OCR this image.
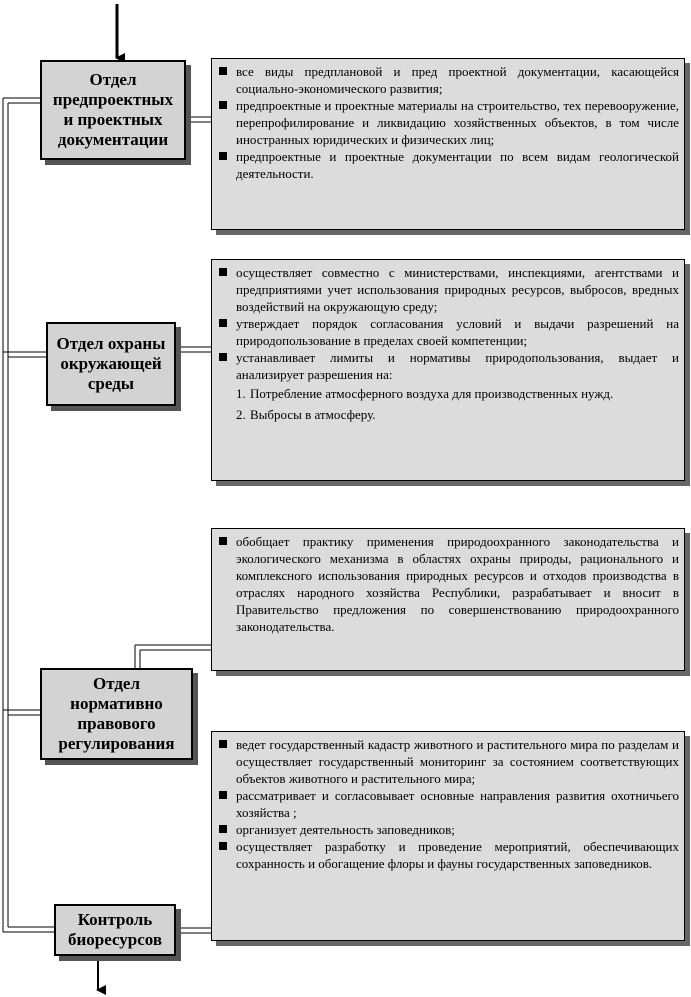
Отдел предпроектных и проектных документации
все виды предплановой и пред проектной документации, касающейся социально-экономического развития;
предпроектные и проектные материалы на строительство, тех перевооружение, перепрофилирование и ликвидацию хозяйственных объектов, в том числе иностранных юридических и физических лиц;
предпроектные и проектные документации по всем видам геологической деятельности.
Отдел охраны окружающей среды
осуществляет совместно с министерствами, инспекциями, агентствами и предприятиями учет использования природных ресурсов, выбросов, вредных воздействий на окружающую среду;
утверждает порядок согласования условий и выдачи разрешений на природопользование в пределах своей компетенции;
устанавливает лимиты и нормативы природопользования, выдает и анализирует разрешения на:
1. Потребление атмосферного воздуха для производственных нужд.
2. Выбросы в атмосферу.
Отдел нормативно правового регулирования
обобщает практику применения природоохранного законодательства и экологического механизма в областях охраны природы, рационального и комплексного использования природных ресурсов и отходов производства в отраслях народного хозяйства Республики, разрабатывает и вносит в Правительство предложения по совершенствованию природоохранного законодательства.
Контроль биоресурсов
ведет государственный кадастр животного и растительного мира по разделам и осуществляет государственный мониторинг за состоянием соответствующих объектов животного и растительного мира;
рассматривает и согласовывает основные направления развития охотничьего хозяйства ;
организует деятельность заповедников;
осуществляет разработку и проведение мероприятий, обеспечивающих сохранность и обогащение флоры и фауны государственных заповедников.
